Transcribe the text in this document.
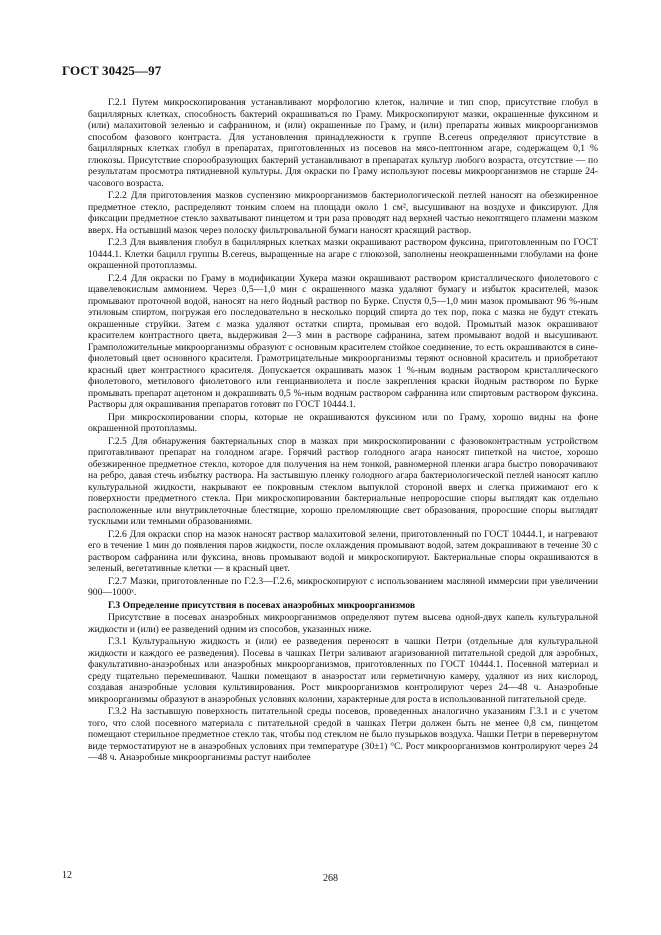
ГОСТ 30425—97

Г.2.1 Путем микроскопирования устанавливают морфологию клеток, наличие и тип спор, присутствие глобул в бациллярных клетках, способность бактерий окрашиваться по Граму. Микроскопируют мазки, окрашенные фуксином и (или) малахитовой зеленью и сафранином, и (или) окрашенные по Граму, и (или) препараты живых микроорганизмов способом фазового контраста. Для установления принадлежности к группе B.cereus определяют присутствие в бациллярных клетках глобул в препаратах, приготовленных из посевов на мясо-пептонном агаре, содержащем 0,1 % глюкозы. Присутствие спорообразующих бактерий устанавливают в препаратах культур любого возраста, отсутствие — по результатам просмотра пятидневной культуры. Для окраски по Граму используют посевы микроорганизмов не старше 24-часового возраста.

Г.2.2 Для приготовления мазков суспензию микроорганизмов бактериологической петлей наносят на обезжиренное предметное стекло, распределяют тонким слоем на площади около 1 см², высушивают на воздухе и фиксируют. Для фиксации предметное стекло захватывают пинцетом и три раза проводят над верхней частью некоптящего пламени мазком вверх. На остывший мазок через полоску фильтровальной бумаги наносят красящий раствор.

Г.2.3 Для выявления глобул в бациллярных клетках мазки окрашивают раствором фуксина, приготовленным по ГОСТ 10444.1. Клетки бацилл группы B.cereus, выращенные на агаре с глюкозой, заполнены неокрашенными глобулами на фоне окрашенной протоплазмы.

Г.2.4 Для окраски по Граму в модификации Хукера мазки окрашивают раствором кристаллического фиолетового с щавелевокислым аммонием. Через 0,5—1,0 мин с окрашенного мазка удаляют бумагу и избыток красителей, мазок промывают проточной водой, наносят на него йодный раствор по Бурке. Спустя 0,5—1,0 мин мазок промывают 96 %-ным этиловым спиртом, погружая его последовательно в несколько порций спирта до тех пор, пока с мазка не будут стекать окрашенные струйки. Затем с мазка удаляют остатки спирта, промывая его водой. Промытый мазок окрашивают красителем контрастного цвета, выдерживая 2—3 мин в растворе сафранина, затем промывают водой и высушивают. Грамположительные микроорганизмы образуют с основным красителем стойкое соединение, то есть окрашиваются в сине-фиолетовый цвет основного красителя. Грамотрицательные микроорганизмы теряют основной краситель и приобретают красный цвет контрастного красителя. Допускается окрашивать мазок 1 %-ным водным раствором кристаллического фиолетового, метилового фиолетового или генцианвиолета и после закрепления краски йодным раствором по Бурке промывать препарат ацетоном и докрашивать 0,5 %-ным водным раствором сафранина или спиртовым раствором фуксина. Растворы для окрашивания препаратов готовят по ГОСТ 10444.1.

При микроскопировании споры, которые не окрашиваются фуксином или по Граму, хорошо видны на фоне окрашенной протоплазмы.

Г.2.5 Для обнаружения бактериальных спор в мазках при микроскопировании с фазовоконтрастным устройством приготавливают препарат на голодном агаре. Горячий раствор голодного агара наносят пипеткой на чистое, хорошо обезжиренное предметное стекло, которое для получения на нем тонкой, равномерной пленки агара быстро поворачивают на ребро, давая стечь избытку раствора. На застывшую пленку голодного агара бактериологической петлей наносят каплю культуральной жидкости, накрывают ее покровным стеклом выпуклой стороной вверх и слегка прижимают его к поверхности предметного стекла. При микроскопировании бактериальные непроросшие споры выглядят как отдельно расположенные или внутриклеточные блестящие, хорошо преломляющие свет образования, проросшие споры выглядят тусклыми или темными образованиями.

Г.2.6 Для окраски спор на мазок наносят раствор малахитовой зелени, приготовленный по ГОСТ 10444.1, и нагревают его в течение 1 мин до появления паров жидкости, после охлаждения промывают водой, затем докрашивают в течение 30 с раствором сафранина или фуксина, вновь промывают водой и микроскопируют. Бактериальные споры окрашиваются в зеленый, вегетативные клетки — в красный цвет.

Г.2.7 Мазки, приготовленные по Г.2.3—Г.2.6, микроскопируют с использованием масляной иммерсии при увеличении 900—1000ˣ.

Г.3 Определение присутствия в посевах анаэробных микроорганизмов

Присутствие в посевах анаэробных микроорганизмов определяют путем высева одной-двух капель культуральной жидкости и (или) ее разведений одним из способов, указанных ниже.

Г.3.1 Культуральную жидкость и (или) ее разведения переносят в чашки Петри (отдельные для культуральной жидкости и каждого ее разведения). Посевы в чашках Петри заливают агаризованной питательной средой для аэробных, факультативно-анаэробных или анаэробных микроорганизмов, приготовленных по ГОСТ 10444.1. Посевной материал и среду тщательно перемешивают. Чашки помещают в анаэростат или герметичную камеру, удаляют из них кислород, создавая анаэробные условия культивирования. Рост микроорганизмов контролируют через 24—48 ч. Анаэробные микроорганизмы образуют в анаэробных условиях колонии, характерные для роста в использованной питательной среде.

Г.3.2 На застывшую поверхность питательной среды посевов, проведенных аналогично указаниям Г.3.1 и с учетом того, что слой посевного материала с питательной средой в чашках Петри должен быть не менее 0,8 см, пинцетом помещают стерильное предметное стекло так, чтобы под стеклом не было пузырьков воздуха. Чашки Петри в перевернутом виде термостатируют не в анаэробных условиях при температуре (30±1) °С. Рост микроорганизмов контролируют через 24—48 ч. Анаэробные микроорганизмы растут наиболее

12	268
